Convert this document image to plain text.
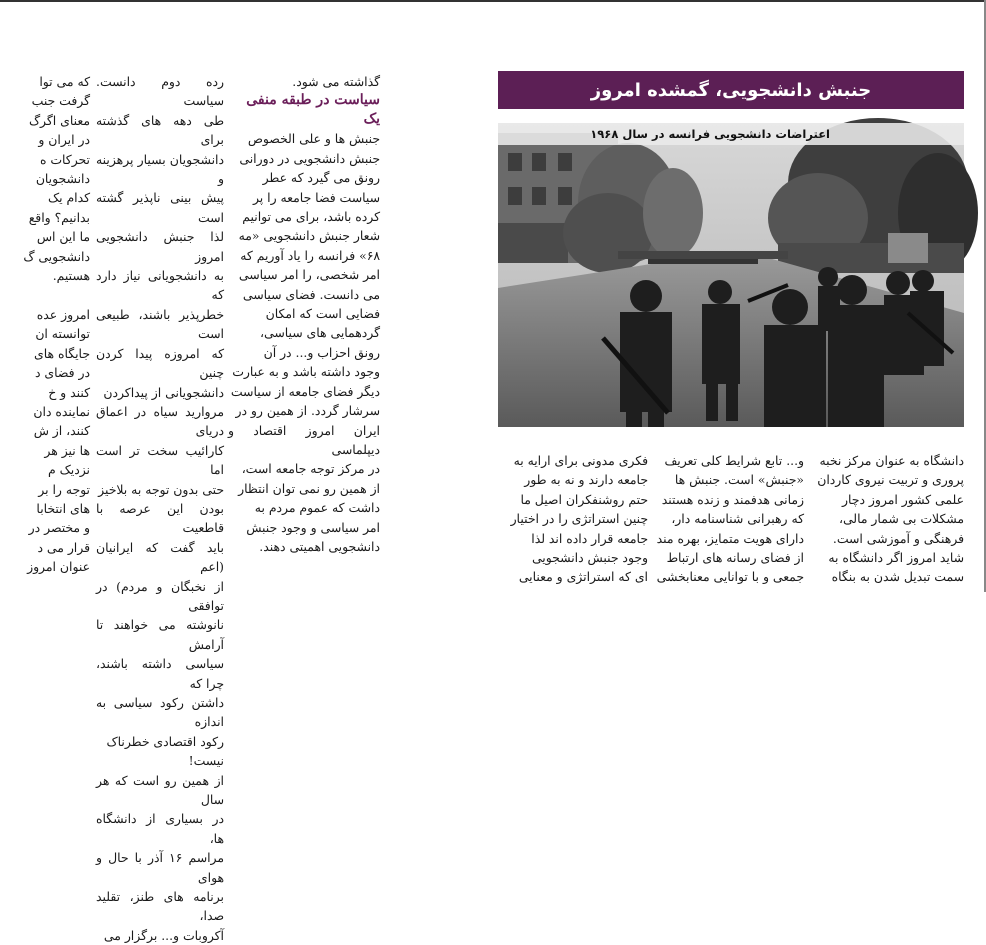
که می توا

گرفت جنب

معنای اگرگ

در ایران و

تحرکات ه

دانشجویان

کدام یک

بدانیم؟ واقع

ما این اس

دانشجویی گ

هستیم.

امروز عده

توانسته ان

جایگاه های

در فضای د

کنند و خ

نماینده دان

کنند، از ش

ها نیز هر

نزدیک م

توجه را بر

های انتخابا

و مختصر در

قرار می د

عنوان امروز

رده دوم دانست. سیاست

طی دهه های گذشته برای

دانشجویان بسیار پرهزینه و

پیش بینی ناپذیر گشته است

لذا جنبش دانشجویی امروز

به دانشجویانی نیاز دارد که

خطرپذیر باشند، طبیعی است

که امروزه پیدا کردن چنین

دانشجویانی از پیداکردن

مروارید سیاه در اعماق دریای

کارائیب سخت تر است اما

حتی بدون توجه به بلاخیز

بودن این عرصه با قاطعیت

باید گفت که ایرانیان (اعم

از نخبگان و مردم) در توافقی

نانوشته می خواهند تا آرامش

سیاسی داشته باشند، چرا که

داشتن رکود سیاسی به اندازه

رکود اقتصادی خطرناک

نیست!

از همین رو است که هر سال

در بسیاری از دانشگاه ها،

مراسم ۱۶ آذر با حال و هوای

برنامه های طنز، تقلید صدا،

آکروبات و... برگزار می

گذاشته می شود.

سیاست در طبقه منفی
یک

جنبش ها و علی الخصوص

جنبش دانشجویی در دورانی

رونق می گیرد که عطر

سیاست فضا جامعه را پر

کرده باشد، برای می توانیم

شعار جنبش دانشجویی «مه

۶۸» فرانسه را یاد آوریم که

امر شخصی، را امر سیاسی

می دانست. فضای سیاسی

فضایی است که امکان

گردهمایی های سیاسی،

رونق احزاب و... در آن

وجود داشته باشد و به عبارت

دیگر فضای جامعه از سیاست

سرشار گردد. از همین رو در

ایران امروز اقتصاد و دیپلماسی

در مرکز توجه جامعه است،

از همین رو نمی توان انتظار

داشت که عموم مردم به

امر سیاسی و وجود جنبش

دانشجویی اهمیتی دهند.

جنبش دانشجویی، گمشده امروز
اعتراضات دانشجویی فرانسه در سال ۱۹۶۸

دانشگاه به عنوان مرکز نخبه

پروری و تربیت نیروی کاردان

علمی کشور امروز دچار

مشکلات بی شمار مالی،

فرهنگی و آموزشی است.

شاید امروز اگر دانشگاه به

سمت تبدیل شدن به بنگاه

و... تابع شرایط کلی تعریف

«جنبش» است. جنبش ها

زمانی هدفمند و زنده هستند

که رهبرانی شناسنامه دار،

دارای هویت متمایز، بهره مند

از فضای رسانه های ارتباط

جمعی و با توانایی معنابخشی

فکری مدونی برای ارایه به

جامعه دارند و نه به طور

حتم روشنفکران اصیل ما

چنین استراتژی را در اختیار

جامعه قرار داده اند لذا

وجود جنبش دانشجویی

ای که استراتژی و معنایی
